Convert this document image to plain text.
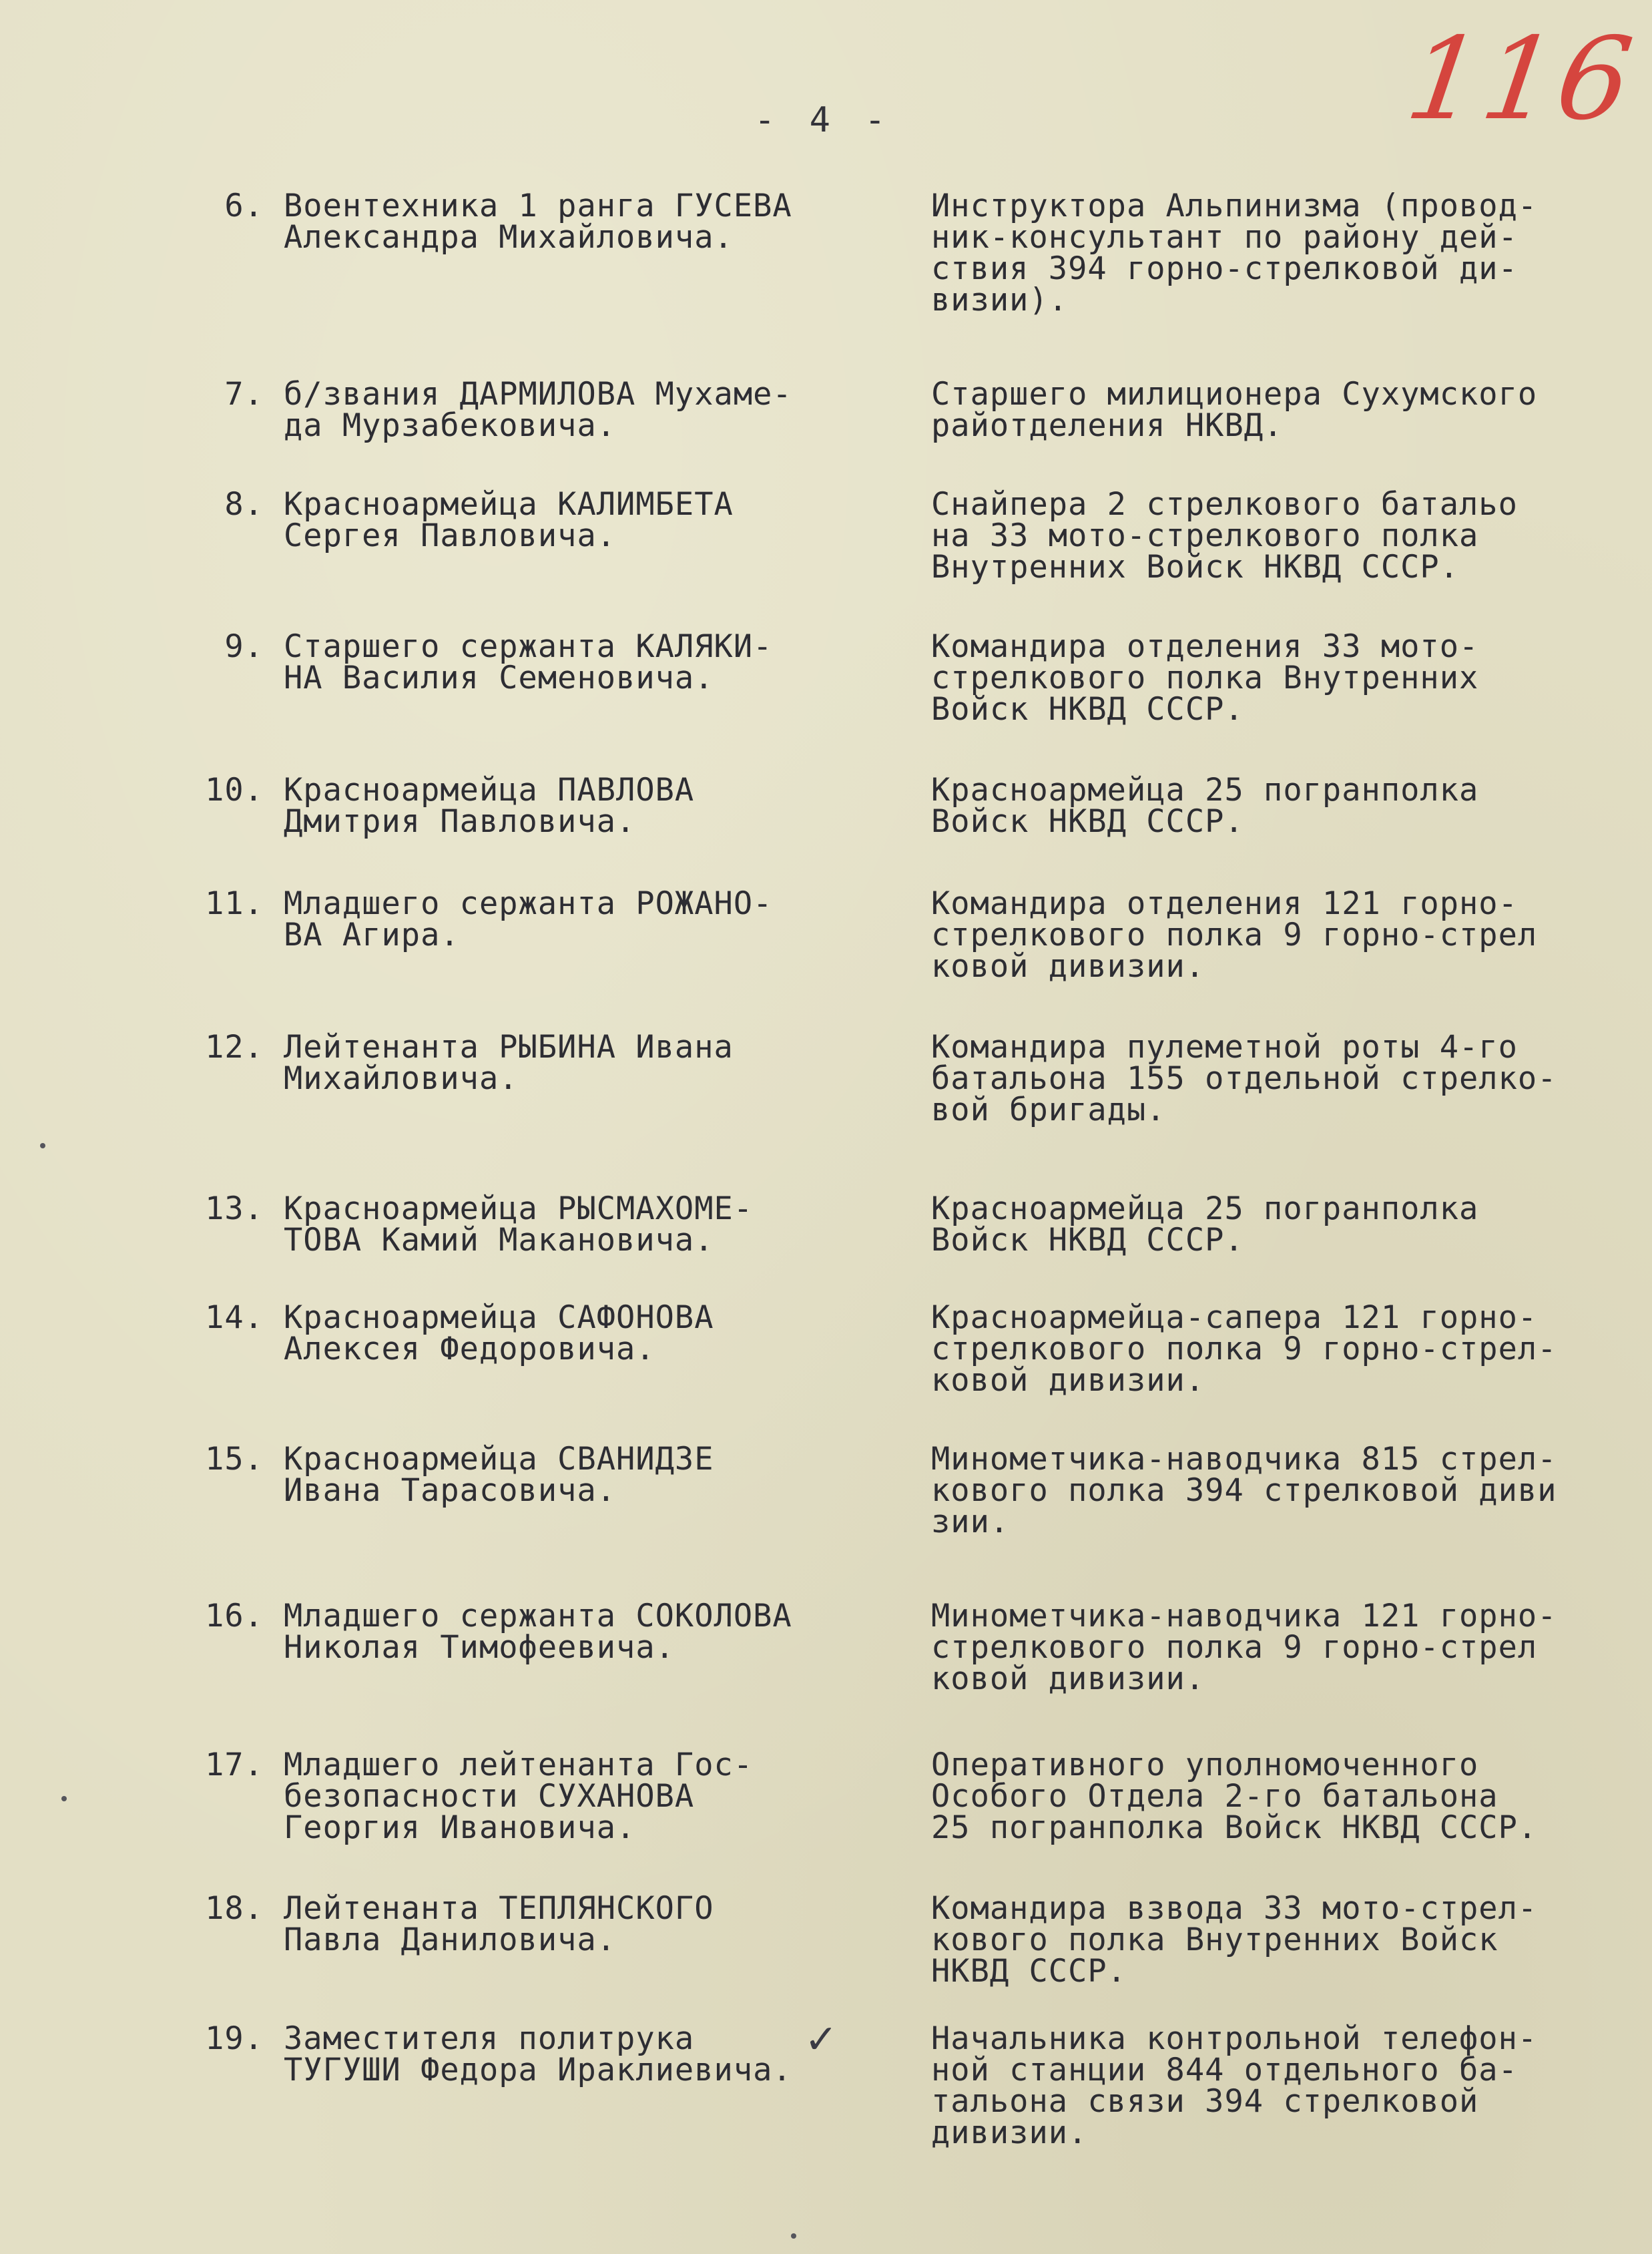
116
- 4 -
6. Воентехника 1 ранга ГУСЕВА
Александра Михайловича.
Инструктора Альпинизма (провод-
ник-консультант по району дей-
ствия 394 горно-стрелковой ди-
визии).
7. б/звания ДАРМИЛОВА Мухаме-
да Мурзабековича.
Старшего милиционера Сухумского
райотделения НКВД.
8. Красноармейца КАЛИМБЕТА
Сергея Павловича.
Снайпера 2 стрелкового батальо
на 33 мото-стрелкового полка
Внутренних Войск НКВД СССР.
9. Старшего сержанта КАЛЯКИ-
НА Василия Семеновича.
Командира отделения 33 мото-
стрелкового полка Внутренних
Войск НКВД СССР.
10. Красноармейца ПАВЛОВА
Дмитрия Павловича.
Красноармейца 25 погранполка
Войск НКВД СССР.
11. Младшего сержанта РОЖАНО-
ВА Агира.
Командира отделения 121 горно-
стрелкового полка 9 горно-стрел
ковой дивизии.
12. Лейтенанта РЫБИНА Ивана
Михайловича.
Командира пулеметной роты 4-го
батальона 155 отдельной стрелко-
вой бригады.
13. Красноармейца РЫСМАХОМЕ-
ТОВА Камий Макановича.
Красноармейца 25 погранполка
Войск НКВД СССР.
14. Красноармейца САФОНОВА
Алексея Федоровича.
Красноармейца-сапера 121 горно-
стрелкового полка 9 горно-стрел-
ковой дивизии.
15. Красноармейца СВАНИДЗЕ
Ивана Тарасовича.
Минометчика-наводчика 815 стрел-
кового полка 394 стрелковой диви
зии.
16. Младшего сержанта СОКОЛОВА
Николая Тимофеевича.
Минометчика-наводчика 121 горно-
стрелкового полка 9 горно-стрел
ковой дивизии.
17. Младшего лейтенанта Гос-
безопасности СУХАНОВА
Георгия Ивановича.
Оперативного уполномоченного
Особого Отдела 2-го батальона
25 погранполка Войск НКВД СССР.
18. Лейтенанта ТЕПЛЯНСКОГО
Павла Даниловича.
Командира взвода 33 мото-стрел-
кового полка Внутренних Войск
НКВД СССР.
19. Заместителя политрука
ТУГУШИ Федора Ираклиевича.
Начальника контрольной телефон-
ной станции 844 отдельного ба-
тальона связи 394 стрелковой
дивизии.
✓
